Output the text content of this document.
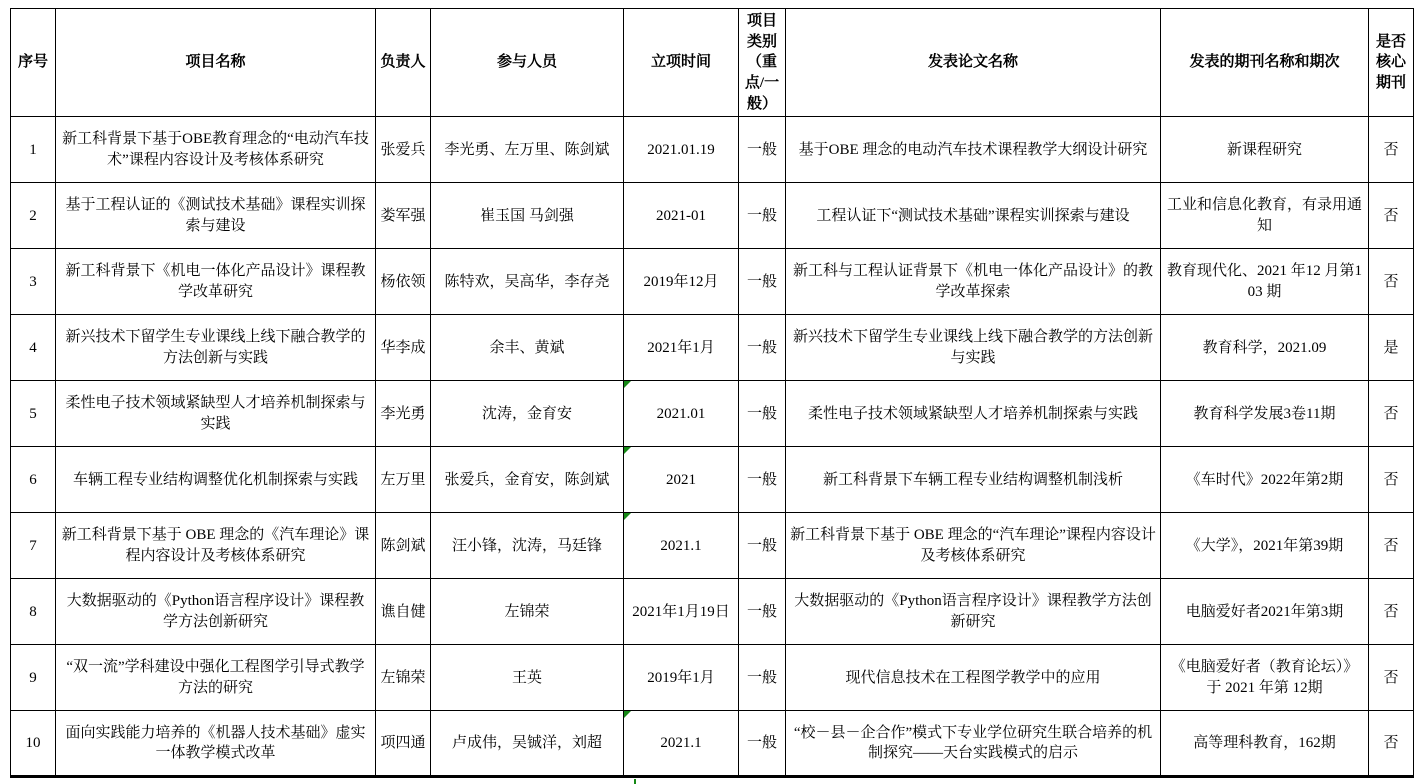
序号	项目名称	负责人	参与人员	立项时间	项目类别（重点/一般）	发表论文名称	发表的期刊名称和期次	是否核心期刊
1	新工科背景下基于OBE教育理念的“电动汽车技术”课程内容设计及考核体系研究	张爱兵	李光勇、左万里、陈剑斌	2021.01.19	一般	基于OBE 理念的电动汽车技术课程教学大纲设计研究	新课程研究	否
2	基于工程认证的《测试技术基础》课程实训探索与建设	娄军强	崔玉国 马剑强	2021-01	一般	工程认证下“测试技术基础”课程实训探索与建设	工业和信息化教育，有录用通知	否
3	新工科背景下《机电一体化产品设计》课程教学改革研究	杨依领	陈特欢，吴高华，李存尧	2019年12月	一般	新工科与工程认证背景下《机电一体化产品设计》的教学改革探索	教育现代化、2021 年12 月第103 期	否
4	新兴技术下留学生专业课线上线下融合教学的方法创新与实践	华李成	余丰、黄斌	2021年1月	一般	新兴技术下留学生专业课线上线下融合教学的方法创新与实践	教育科学，2021.09	是
5	柔性电子技术领域紧缺型人才培养机制探索与实践	李光勇	沈涛，金育安	2021.01	一般	柔性电子技术领域紧缺型人才培养机制探索与实践	教育科学发展3卷11期	否
6	车辆工程专业结构调整优化机制探索与实践	左万里	张爱兵，金育安，陈剑斌	2021	一般	新工科背景下车辆工程专业结构调整机制浅析	《车时代》2022年第2期	否
7	新工科背景下基于 OBE 理念的《汽车理论》课程内容设计及考核体系研究	陈剑斌	汪小锋，沈涛，马廷锋	2021.1	一般	新工科背景下基于 OBE 理念的“汽车理论”课程内容设计及考核体系研究	《大学》，2021年第39期	否
8	大数据驱动的《Python语言程序设计》课程教学方法创新研究	谯自健	左锦荣	2021年1月19日	一般	大数据驱动的《Python语言程序设计》课程教学方法创新研究	电脑爱好者2021年第3期	否
9	“双一流”学科建设中强化工程图学引导式教学方法的研究	左锦荣	王英	2019年1月	一般	现代信息技术在工程图学教学中的应用	《电脑爱好者（教育论坛）》于 2021 年第 12期	否
10	面向实践能力培养的《机器人技术基础》虚实一体教学模式改革	项四通	卢成伟，吴铖洋，刘超	2021.1	一般	“校－县－企合作”模式下专业学位研究生联合培养的机制探究——天台实践模式的启示	高等理科教育，162期	否
